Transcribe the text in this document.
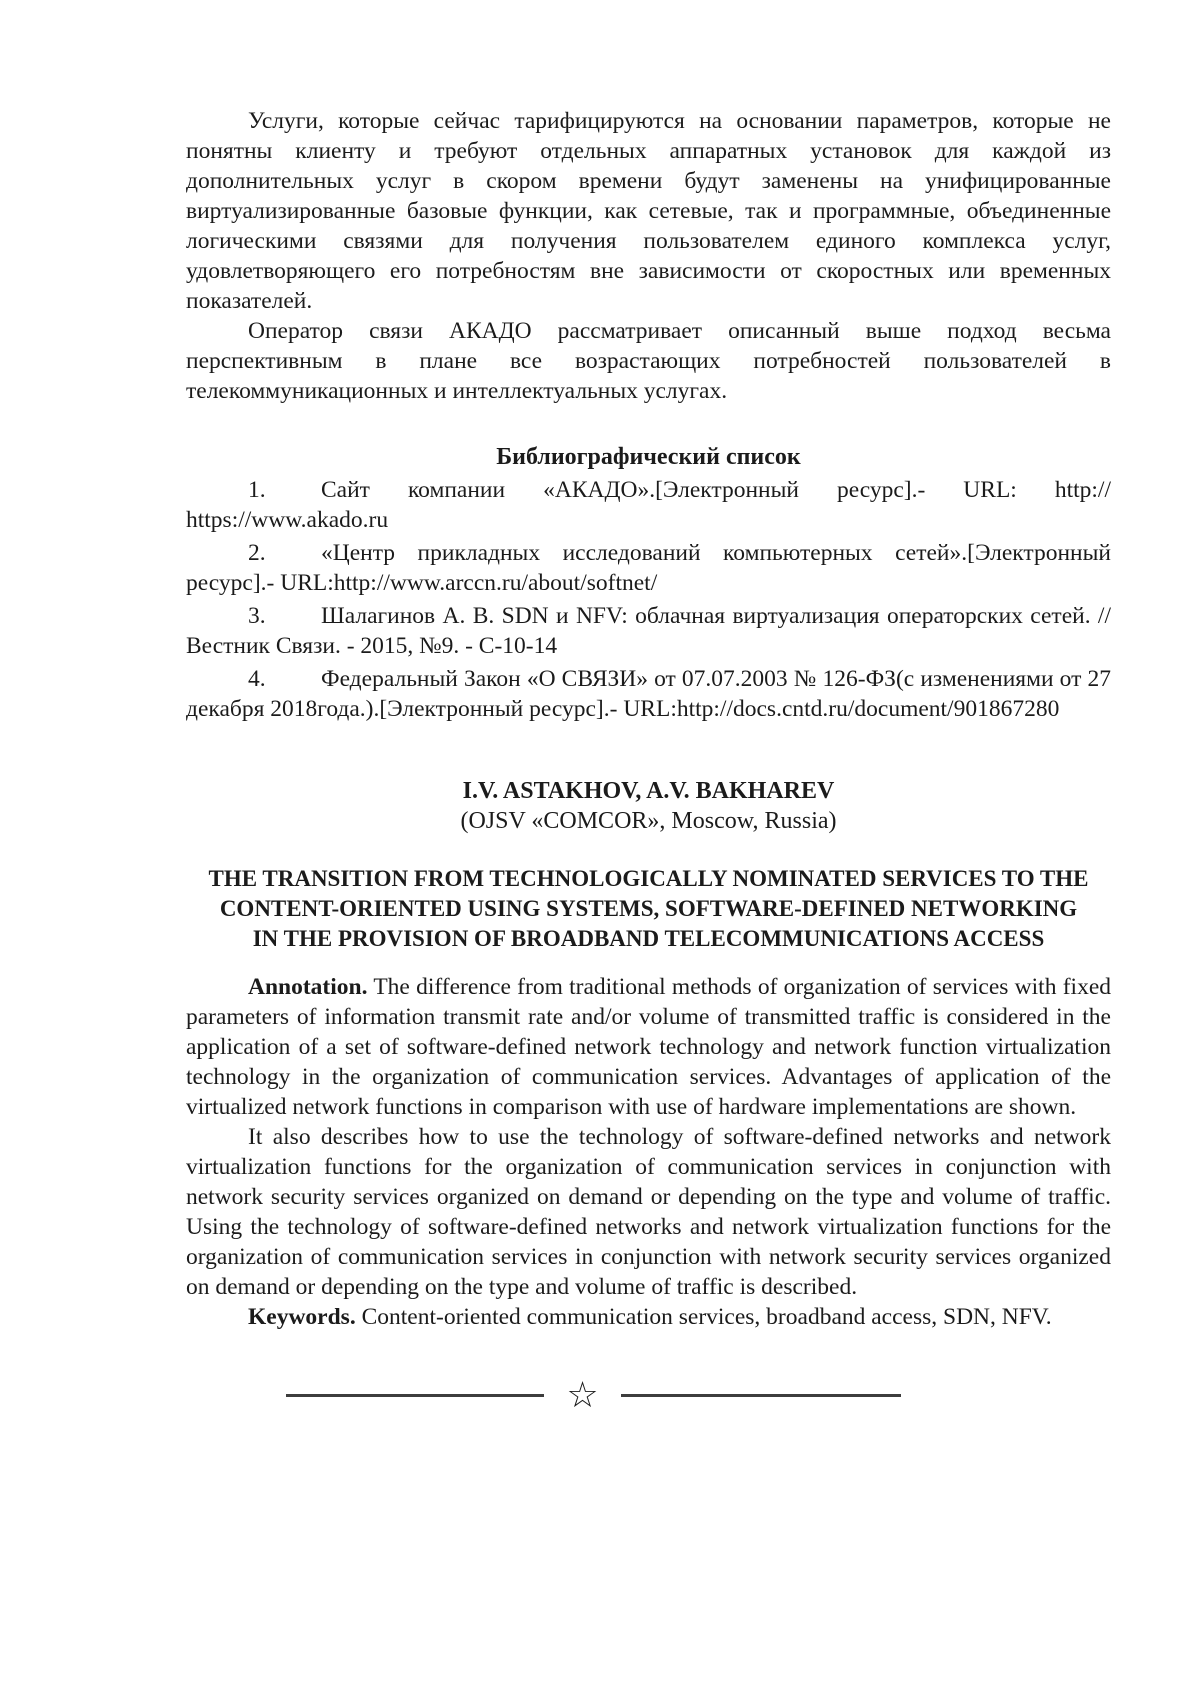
Услуги, которые сейчас тарифицируются на основании параметров, которые не понятны клиенту и требуют отдельных аппаратных установок для каждой из дополнительных услуг в скором времени будут заменены на унифицированные виртуализированные базовые функции, как сетевые, так и программные, объединенные логическими связями для получения пользователем единого комплекса услуг, удовлетворяющего его потребностям вне зависимости от скоростных или временных показателей.

Оператор связи АКАДО рассматривает описанный выше подход весьма перспективным в плане все возрастающих потребностей пользователей в телекоммуникационных и интеллектуальных услугах.

Библиографический список

1. Сайт компании «АКАДО».[Электронный ресурс].- URL: http:// https://www.akado.ru

2. «Центр прикладных исследований компьютерных сетей».[Электронный ресурс].- URL:http://www.arccn.ru/about/softnet/

3. Шалагинов А. В. SDN и NFV: облачная виртуализация операторских сетей. // Вестник Связи. - 2015, №9. - С-10-14

4. Федеральный Закон «О СВЯЗИ» от 07.07.2003 № 126-ФЗ(с изменениями от 27 декабря 2018года.).[Электронный ресурс].- URL:http://docs.cntd.ru/document/901867280

I.V. ASTAKHOV, A.V. BAKHAREV
(OJSV «COMCOR», Moscow, Russia)
THE TRANSITION FROM TECHNOLOGICALLY NOMINATED SERVICES TO THE
CONTENT-ORIENTED USING SYSTEMS, SOFTWARE-DEFINED NETWORKING
IN THE PROVISION OF BROADBAND TELECOMMUNICATIONS ACCESS

Annotation. The difference from traditional methods of organization of services with fixed parameters of information transmit rate and/or volume of transmitted traffic is considered in the application of a set of software-defined network technology and network function virtualization technology in the organization of communication services. Advantages of application of the virtualized network functions in comparison with use of hardware implementations are shown.

It also describes how to use the technology of software-defined networks and network virtualization functions for the organization of communication services in conjunction with network security services organized on demand or depending on the type and volume of traffic. Using the technology of software-defined networks and network virtualization functions for the organization of communication services in conjunction with network security services organized on demand or depending on the type and volume of traffic is described.

Keywords. Content-oriented communication services, broadband access, SDN, NFV.

☆
